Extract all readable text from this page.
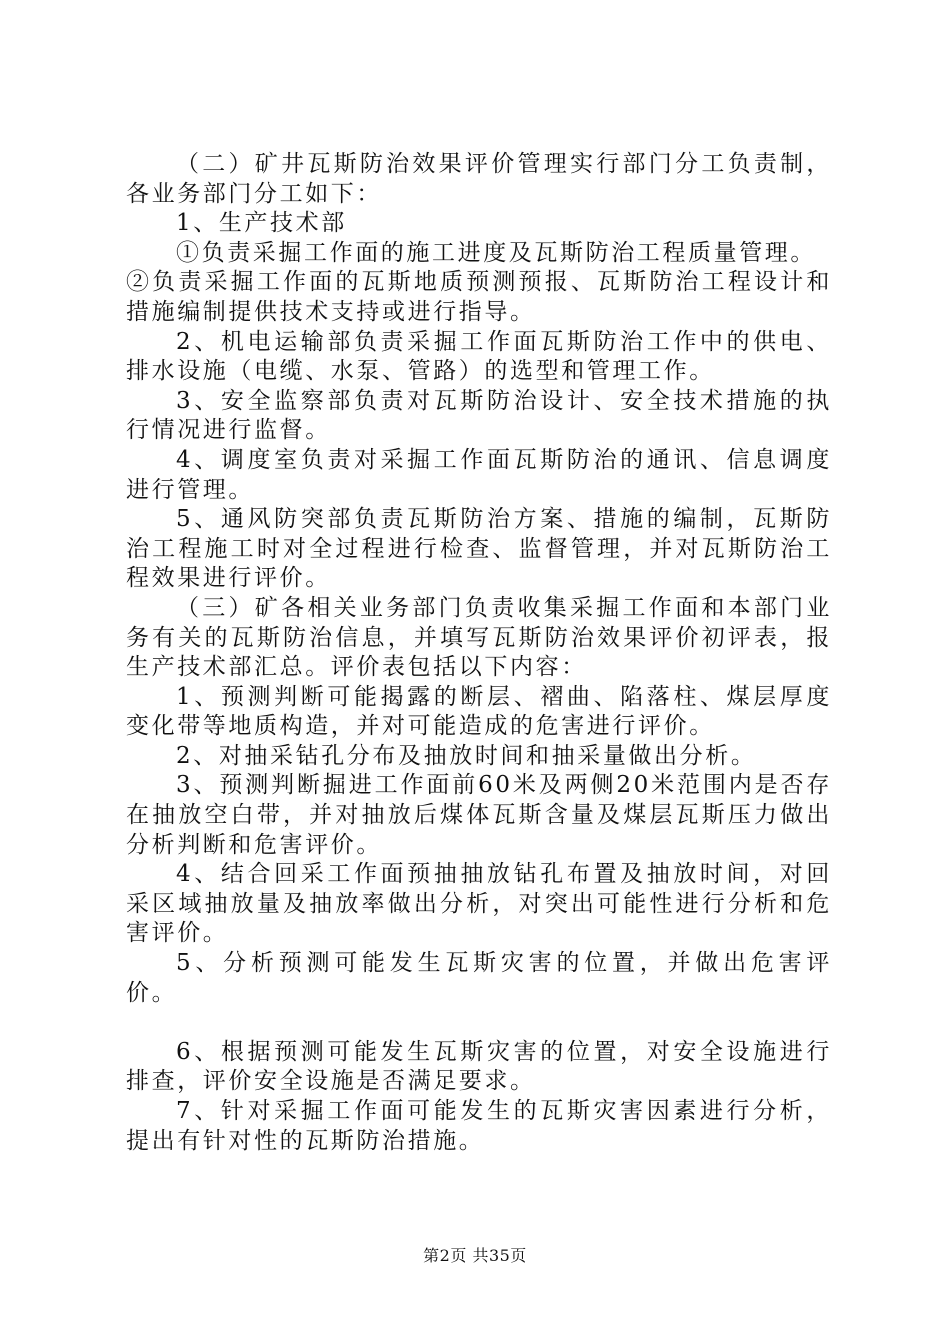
（二）矿井瓦斯防治效果评价管理实行部门分工负责制，各业务部门分工如下：

1、生产技术部

①负责采掘工作面的施工进度及瓦斯防治工程质量管理。

②负责采掘工作面的瓦斯地质预测预报、瓦斯防治工程设计和措施编制提供技术支持或进行指导。

2、机电运输部负责采掘工作面瓦斯防治工作中的供电、排水设施（电缆、水泵、管路）的选型和管理工作。

3、安全监察部负责对瓦斯防治设计、安全技术措施的执行情况进行监督。

4、调度室负责对采掘工作面瓦斯防治的通讯、信息调度进行管理。

5、通风防突部负责瓦斯防治方案、措施的编制，瓦斯防治工程施工时对全过程进行检查、监督管理，并对瓦斯防治工程效果进行评价。

（三）矿各相关业务部门负责收集采掘工作面和本部门业务有关的瓦斯防治信息，并填写瓦斯防治效果评价初评表，报生产技术部汇总。评价表包括以下内容：

1、预测判断可能揭露的断层、褶曲、陷落柱、煤层厚度变化带等地质构造，并对可能造成的危害进行评价。

2、对抽采钻孔分布及抽放时间和抽采量做出分析。

3、预测判断掘进工作面前60米及两侧20米范围内是否存在抽放空白带，并对抽放后煤体瓦斯含量及煤层瓦斯压力做出分析判断和危害评价。

4、结合回采工作面预抽抽放钻孔布置及抽放时间，对回采区域抽放量及抽放率做出分析，对突出可能性进行分析和危害评价。

5、分析预测可能发生瓦斯灾害的位置，并做出危害评价。

6、根据预测可能发生瓦斯灾害的位置，对安全设施进行排查，评价安全设施是否满足要求。

7、针对采掘工作面可能发生的瓦斯灾害因素进行分析，提出有针对性的瓦斯防治措施。

第2页 共35页
